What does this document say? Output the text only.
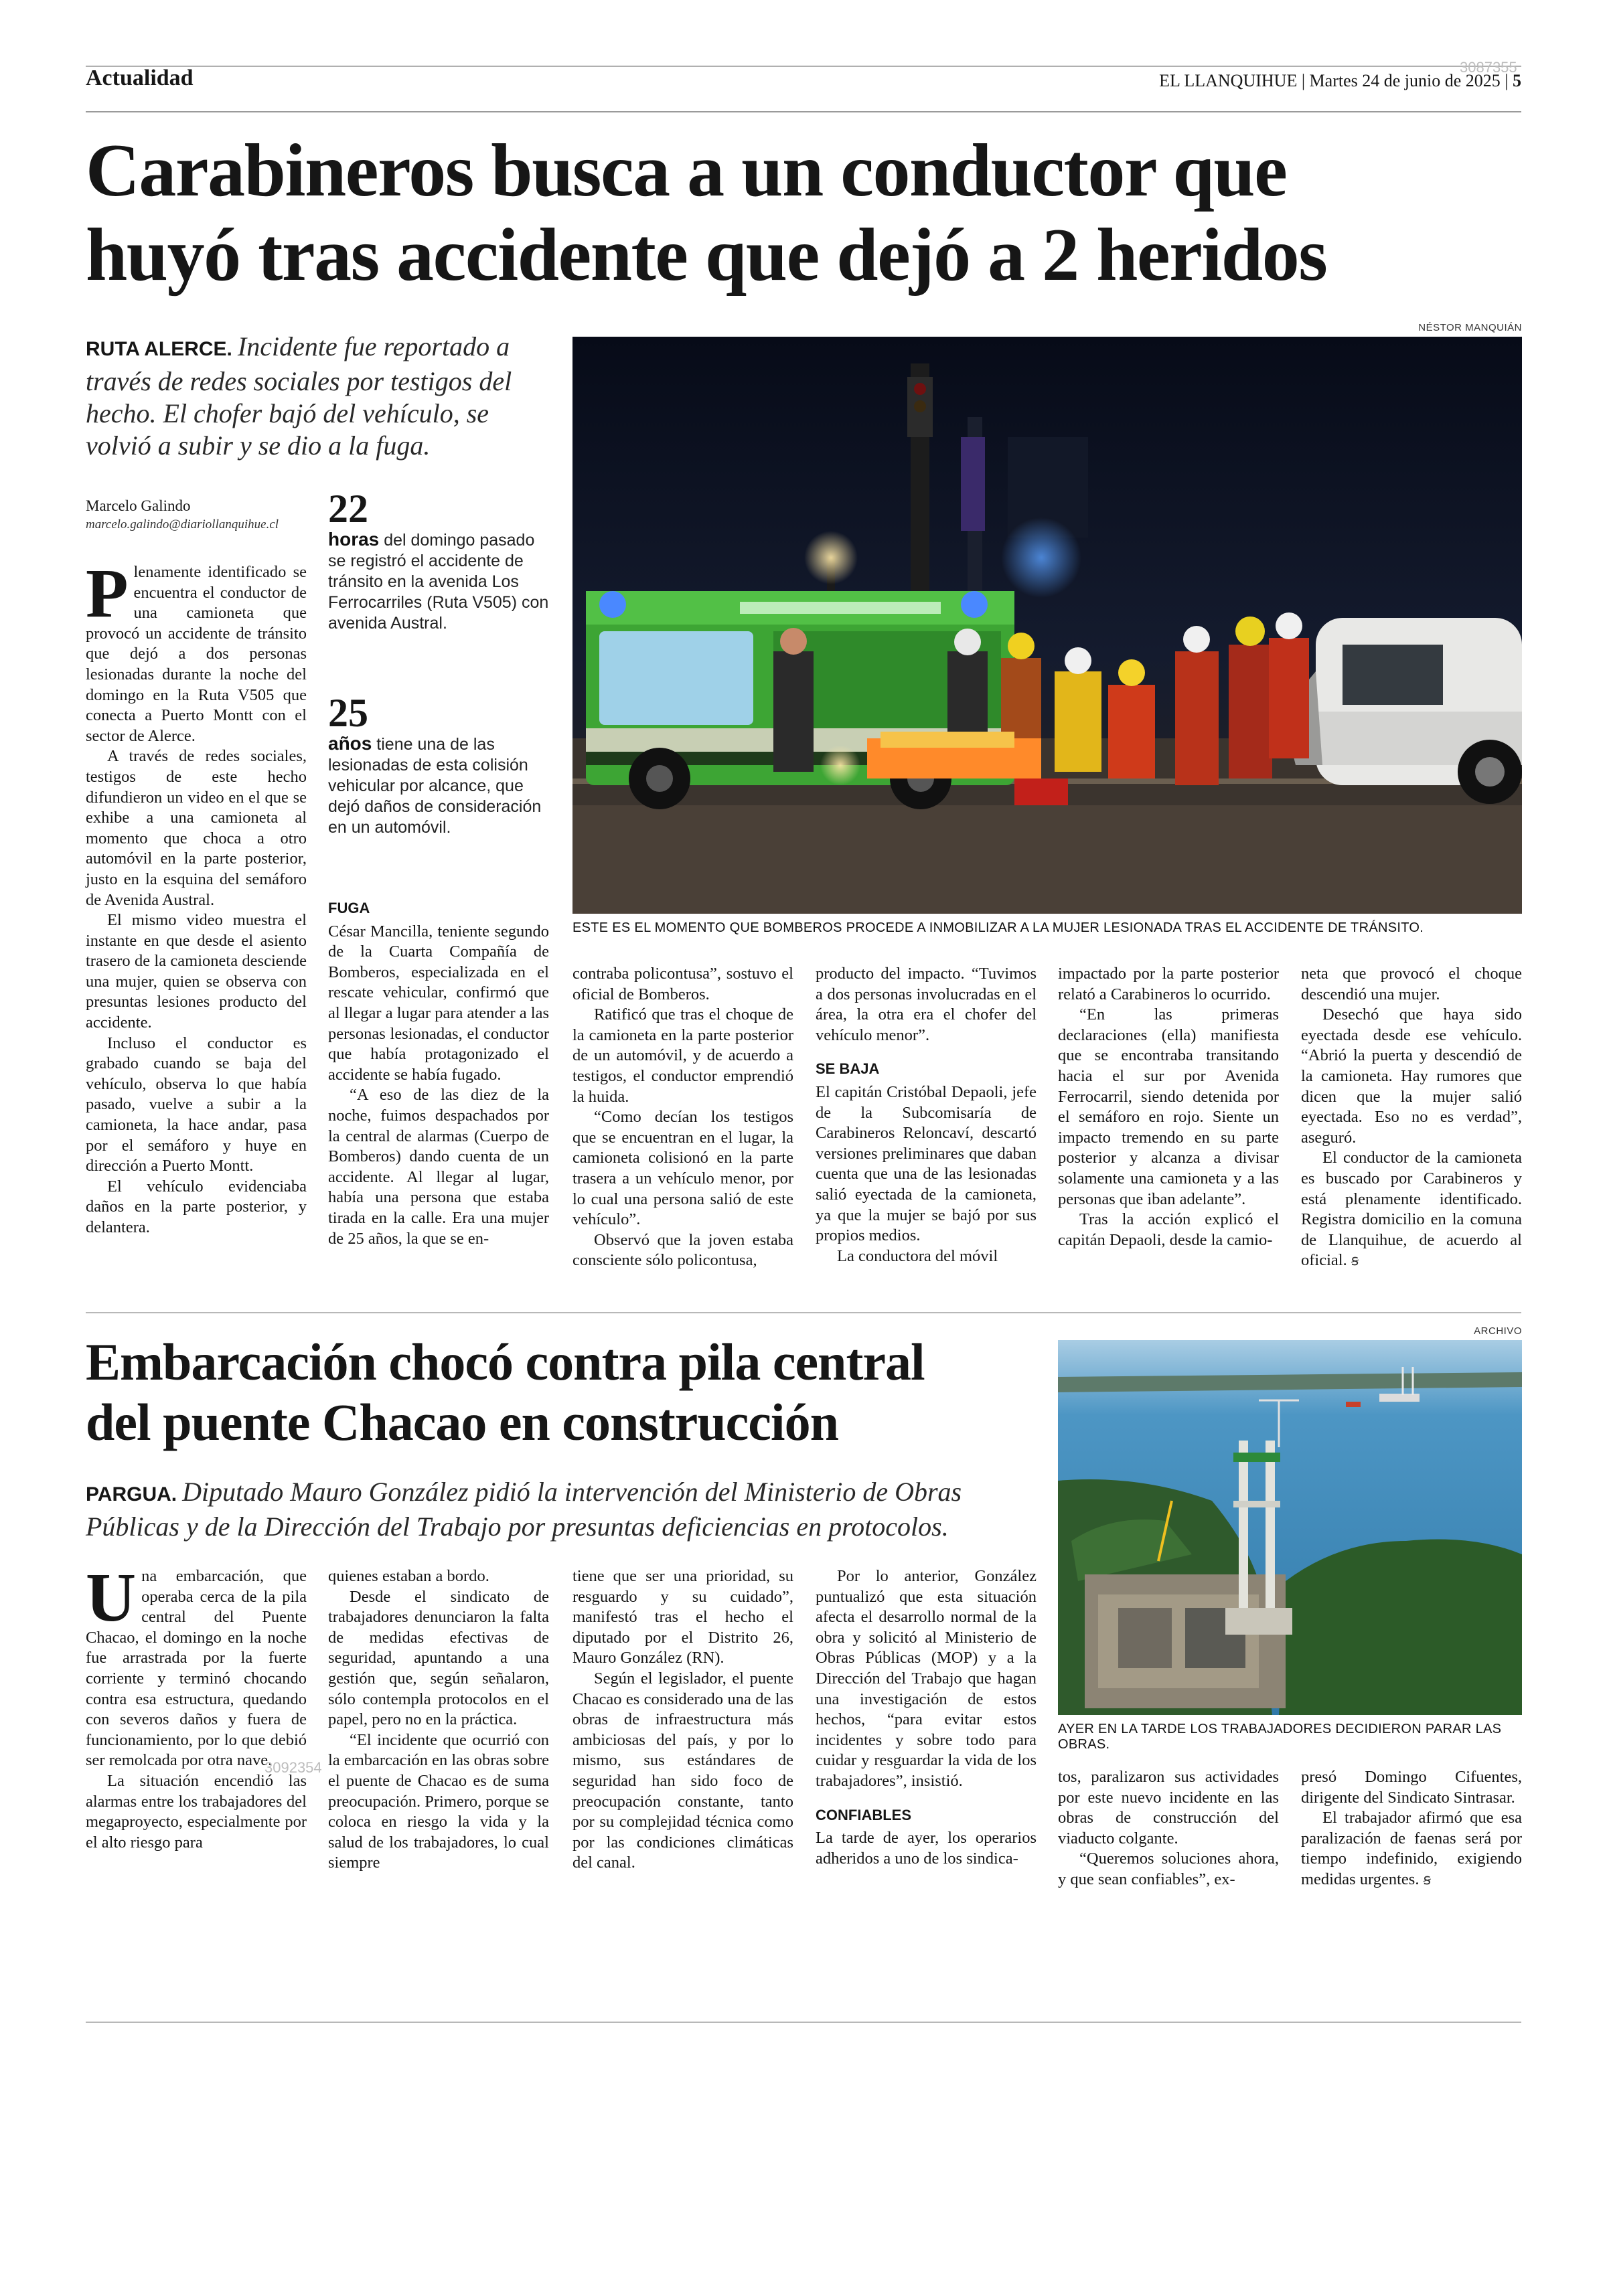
Actualidad	3087355
EL LLANQUIHUE | Martes 24 de junio de 2025 | 5
Carabineros busca a un conductor que
huyó tras accidente que dejó a 2 heridos
RUTA ALERCE. Incidente fue reportado a través de redes sociales por testigos del hecho. El chofer bajó del vehículo, se volvió a subir y se dio a la fuga.
NÉSTOR MANQUIÁN
ESTE ES EL MOMENTO QUE BOMBEROS PROCEDE A INMOBILIZAR A LA MUJER LESIONADA TRAS EL ACCIDENTE DE TRÁNSITO.
Marcelo Galindo
marcelo.galindo@diariollanquihue.cl	22
horas del domingo pasado se registró el accidente de tránsito en la avenida Los Ferrocarriles (Ruta V505) con avenida Austral.
25
años tiene una de las lesionadas de esta colisión vehicular por alcance, que dejó daños de consideración en un automóvil.

Plenamente identificado se encuentra el conductor de una camioneta que provocó un accidente de tránsito que dejó a dos personas lesionadas durante la noche del domingo en la Ruta V505 que conecta a Puerto Montt con el sector de Alerce.

A través de redes sociales, testigos de este hecho difundieron un video en el que se exhibe a una camioneta al momento que choca a otro automóvil en la parte posterior, justo en la esquina del semáforo de Avenida Austral.

El mismo video muestra el instante en que desde el asiento trasero de la camioneta desciende una mujer, quien se observa con presuntas lesiones producto del accidente.

Incluso el conductor es grabado cuando se baja del vehículo, observa lo que había pasado, vuelve a subir a la camioneta, la hace andar, pasa por el semáforo y huye en dirección a Puerto Montt.

El vehículo evidenciaba daños en la parte posterior, y delantera.

FUGA

César Mancilla, teniente segundo de la Cuarta Compañía de Bomberos, especializada en el rescate vehicular, confirmó que al llegar a lugar para atender a las personas lesionadas, el conductor que había protagonizado el accidente se había fugado.

“A eso de las diez de la noche, fuimos despachados por la central de alarmas (Cuerpo de Bomberos) dando cuenta de un accidente. Al llegar al lugar, había una persona que estaba tirada en la calle. Era una mujer de 25 años, la que se en-

contraba policontusa”, sostuvo el oficial de Bomberos.

Ratificó que tras el choque de la camioneta en la parte posterior de un automóvil, y de acuerdo a testigos, el conductor emprendió la huida.

“Como decían los testigos que se encuentran en el lugar, la camioneta colisionó en la parte trasera a un vehículo menor, por lo cual una persona salió de este vehículo”.

Observó que la joven estaba consciente sólo policontusa,

producto del impacto. “Tuvimos a dos personas involucradas en el área, la otra era el chofer del vehículo menor”.

SE BAJA

El capitán Cristóbal Depaoli, jefe de la Subcomisaría de Carabineros Reloncaví, descartó versiones preliminares que daban cuenta que una de las lesionadas salió eyectada de la camioneta, ya que la mujer se bajó por sus propios medios.

La conductora del móvil

impactado por la parte posterior relató a Carabineros lo ocurrido.

“En las primeras declaraciones (ella) manifiesta que se encontraba transitando hacia el sur por Avenida Ferrocarril, siendo detenida por el semáforo en rojo. Siente un impacto tremendo en su parte posterior y alcanza a divisar solamente una camioneta y a las personas que iban adelante”.

Tras la acción explicó el capitán Depaoli, desde la camio-

neta que provocó el choque descendió una mujer.

Desechó que haya sido eyectada desde ese vehículo. “Abrió la puerta y descendió de la camioneta. Hay rumores que dicen que la mujer salió eyectada. Eso no es verdad”, aseguró.

El conductor de la camioneta es buscado por Carabineros y está plenamente identificado. Registra domicilio en la comuna de Llanquihue, de acuerdo al oficial. ꞩ

Embarcación chocó contra pila central
del puente Chacao en construcción
PARGUA. Diputado Mauro González pidió la intervención del Ministerio de Obras Públicas y de la Dirección del Trabajo por presuntas deficiencias en protocolos.
ARCHIVO
AYER EN LA TARDE LOS TRABAJADORES DECIDIERON PARAR LAS OBRAS.

Una embarcación, que operaba cerca de la pila central del Puente Chacao, el domingo en la noche fue arrastrada por la fuerte corriente y terminó chocando contra esa estructura, quedando con severos daños y fuera de funcionamiento, por lo que debió ser remolcada por otra nave.

La situación encendió las alarmas entre los trabajadores del megaproyecto, especialmente por el alto riesgo para

3092354

quienes estaban a bordo.

Desde el sindicato de trabajadores denunciaron la falta de medidas efectivas de seguridad, apuntando a una gestión que, según señalaron, sólo contempla protocolos en el papel, pero no en la práctica.

“El incidente que ocurrió con la embarcación en las obras sobre el puente de Chacao es de suma preocupación. Primero, porque se coloca en riesgo la vida y la salud de los trabajadores, lo cual siempre

tiene que ser una prioridad, su resguardo y su cuidado”, manifestó tras el hecho el diputado por el Distrito 26, Mauro González (RN).

Según el legislador, el puente Chacao es considerado una de las obras de infraestructura más ambiciosas del país, y por lo mismo, sus estándares de seguridad han sido foco de preocupación constante, tanto por su complejidad técnica como por las condiciones climáticas del canal.

Por lo anterior, González puntualizó que esta situación afecta el desarrollo normal de la obra y solicitó al Ministerio de Obras Públicas (MOP) y a la Dirección del Trabajo que hagan una investigación de estos hechos, “para evitar estos incidentes y sobre todo para cuidar y resguardar la vida de los trabajadores”, insistió.

CONFIABLES

La tarde de ayer, los operarios adheridos a uno de los sindica-

tos, paralizaron sus actividades por este nuevo incidente en las obras de construcción del viaducto colgante.

“Queremos soluciones ahora, y que sean confiables”, ex-

presó Domingo Cifuentes, dirigente del Sindicato Sintrasar.

El trabajador afirmó que esa paralización de faenas será por tiempo indefinido, exigiendo medidas urgentes. ꞩ
